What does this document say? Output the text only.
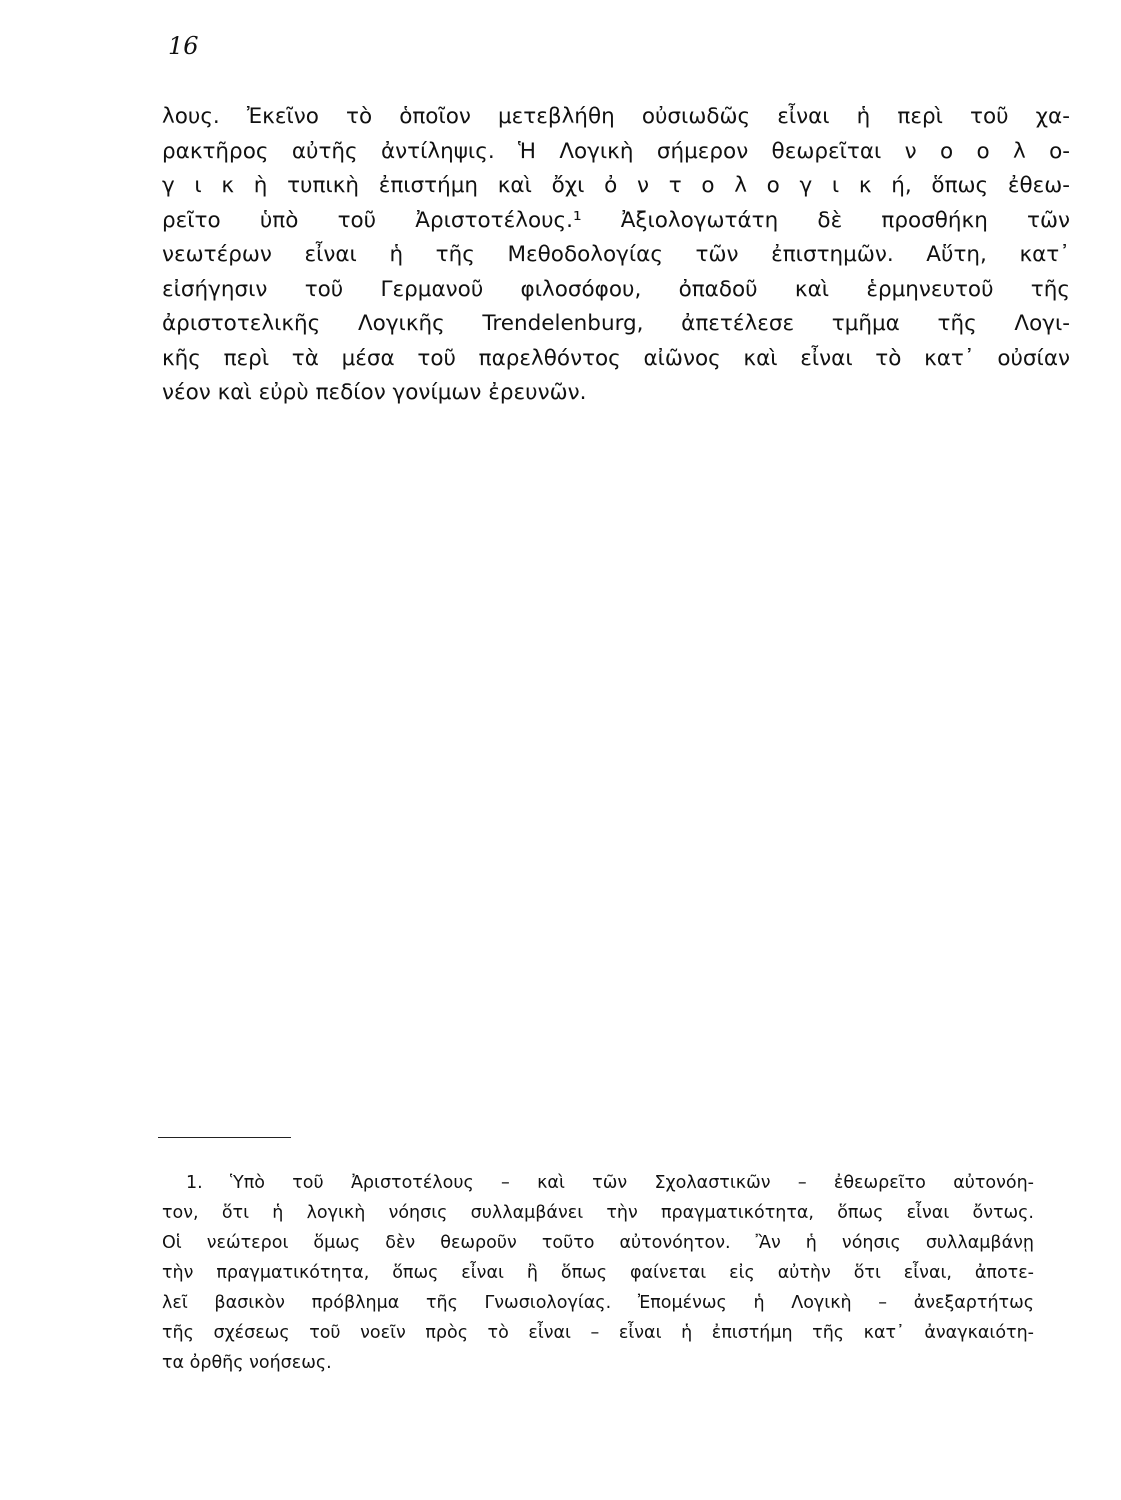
16
λους. Ἐκεῖνο τὸ ὁποῖον μετεβλήθη οὐσιωδῶς εἶναι ἡ περὶ τοῦ χα-
ρακτῆρος αὐτῆς ἀντίληψις. Ἡ Λογικὴ σήμερον θεωρεῖται ν ο ο λ ο-
γ ι κ ὴ τυπικὴ ἐπιστήμη καὶ ὄχι ὀ ν τ ο λ ο γ ι κ ή, ὅπως ἐθεω-
ρεῖτο ὑπὸ τοῦ Ἀριστοτέλους.¹ Ἀξιολογωτάτη δὲ προσθήκη τῶν
νεωτέρων εἶναι ἡ τῆς Μεθοδολογίας τῶν ἐπιστημῶν. Αὕτη, κατ᾽
εἰσήγησιν τοῦ Γερμανοῦ φιλοσόφου, ὀπαδοῦ καὶ ἑρμηνευτοῦ τῆς
ἀριστοτελικῆς Λογικῆς Trendelenburg, ἀπετέλεσε τμῆμα τῆς Λογι-
κῆς περὶ τὰ μέσα τοῦ παρελθόντος αἰῶνος καὶ εἶναι τὸ κατ᾽ οὐσίαν
νέον καὶ εὐρὺ πεδίον γονίμων ἐρευνῶν.
1. Ὑπὸ τοῦ Ἀριστοτέλους – καὶ τῶν Σχολαστικῶν – ἐθεωρεῖτο αὐτονόη-
τον, ὅτι ἡ λογικὴ νόησις συλλαμβάνει τὴν πραγματικότητα, ὅπως εἶναι ὄντως.
Οἱ νεώτεροι ὅμως δὲν θεωροῦν τοῦτο αὐτονόητον. Ἂν ἡ νόησις συλλαμβάνῃ
τὴν πραγματικότητα, ὅπως εἶναι ἢ ὅπως φαίνεται εἰς αὐτὴν ὅτι εἶναι, ἀποτε-
λεῖ βασικὸν πρόβλημα τῆς Γνωσιολογίας. Ἐπομένως ἡ Λογικὴ – ἀνεξαρτήτως
τῆς σχέσεως τοῦ νοεῖν πρὸς τὸ εἶναι – εἶναι ἡ ἐπιστήμη τῆς κατ᾽ ἀναγκαιότη-
τα ὀρθῆς νοήσεως.
